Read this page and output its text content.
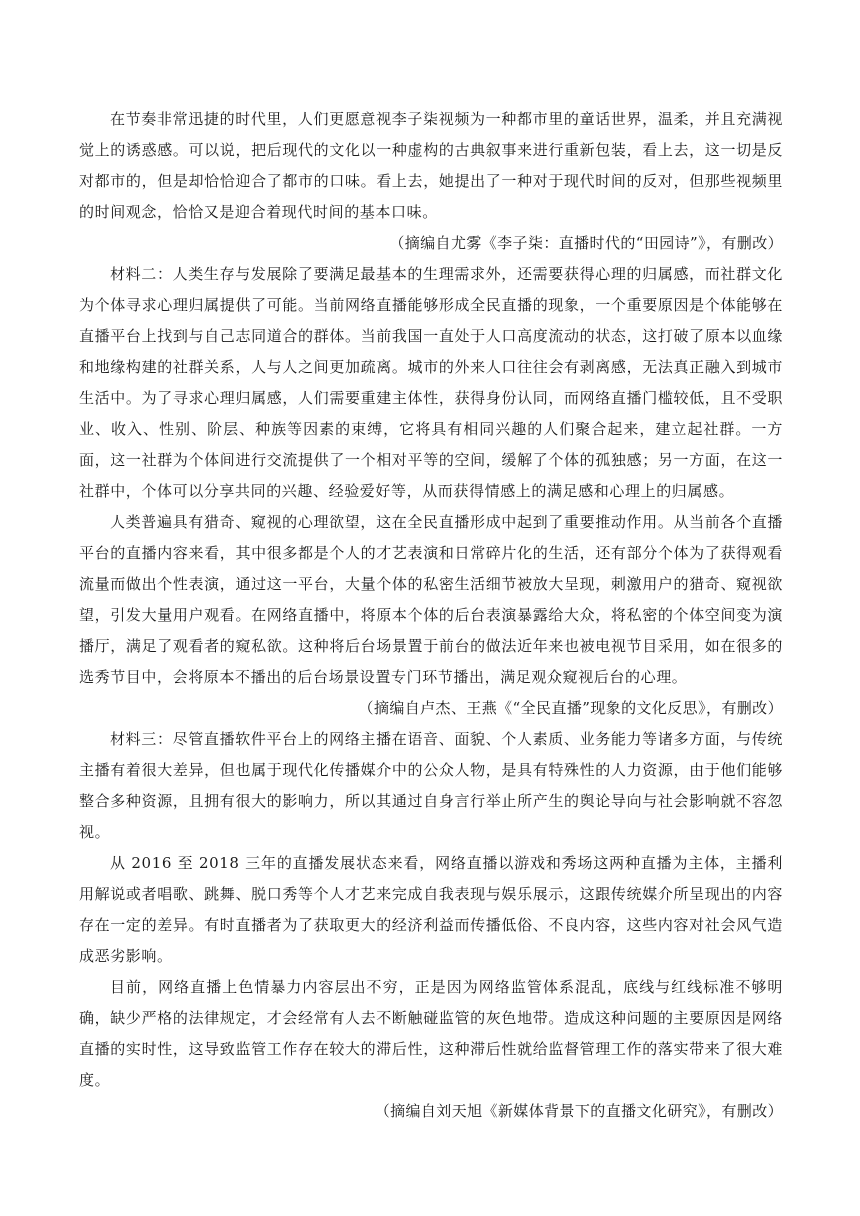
在节奏非常迅捷的时代里，人们更愿意视李子柒视频为一种都市里的童话世界，温柔，并且充满视觉上的诱惑感。可以说，把后现代的文化以一种虚构的古典叙事来进行重新包装，看上去，这一切是反对都市的，但是却恰恰迎合了都市的口味。看上去，她提出了一种对于现代时间的反对，但那些视频里的时间观念，恰恰又是迎合着现代时间的基本口味。

（摘编自尤雾《李子柒：直播时代的“田园诗”》，有删改）

材料二：人类生存与发展除了要满足最基本的生理需求外，还需要获得心理的归属感，而社群文化为个体寻求心理归属提供了可能。当前网络直播能够形成全民直播的现象，一个重要原因是个体能够在直播平台上找到与自己志同道合的群体。当前我国一直处于人口高度流动的状态，这打破了原本以血缘和地缘构建的社群关系，人与人之间更加疏离。城市的外来人口往往会有剥离感，无法真正融入到城市生活中。为了寻求心理归属感，人们需要重建主体性，获得身份认同，而网络直播门槛较低，且不受职业、收入、性别、阶层、种族等因素的束缚，它将具有相同兴趣的人们聚合起来，建立起社群。一方面，这一社群为个体间进行交流提供了一个相对平等的空间，缓解了个体的孤独感；另一方面，在这一社群中，个体可以分享共同的兴趣、经验爱好等，从而获得情感上的满足感和心理上的归属感。

人类普遍具有猎奇、窥视的心理欲望，这在全民直播形成中起到了重要推动作用。从当前各个直播平台的直播内容来看，其中很多都是个人的才艺表演和日常碎片化的生活，还有部分个体为了获得观看流量而做出个性表演，通过这一平台，大量个体的私密生活细节被放大呈现，刺激用户的猎奇、窥视欲望，引发大量用户观看。在网络直播中，将原本个体的后台表演暴露给大众，将私密的个体空间变为演播厅，满足了观看者的窥私欲。这种将后台场景置于前台的做法近年来也被电视节目采用，如在很多的选秀节目中，会将原本不播出的后台场景设置专门环节播出，满足观众窥视后台的心理。

（摘编自卢杰、王燕《“全民直播”现象的文化反思》，有删改）

材料三：尽管直播软件平台上的网络主播在语音、面貌、个人素质、业务能力等诸多方面，与传统主播有着很大差异，但也属于现代化传播媒介中的公众人物，是具有特殊性的人力资源，由于他们能够整合多种资源，且拥有很大的影响力，所以其通过自身言行举止所产生的舆论导向与社会影响就不容忽视。

从 2016 至 2018 三年的直播发展状态来看，网络直播以游戏和秀场这两种直播为主体，主播利用解说或者唱歌、跳舞、脱口秀等个人才艺来完成自我表现与娱乐展示，这跟传统媒介所呈现出的内容存在一定的差异。有时直播者为了获取更大的经济利益而传播低俗、不良内容，这些内容对社会风气造成恶劣影响。

目前，网络直播上色情暴力内容层出不穷，正是因为网络监管体系混乱，底线与红线标准不够明确，缺少严格的法律规定，才会经常有人去不断触碰监管的灰色地带。造成这种问题的主要原因是网络直播的实时性，这导致监管工作存在较大的滞后性，这种滞后性就给监督管理工作的落实带来了很大难度。

（摘编自刘天旭《新媒体背景下的直播文化研究》，有删改）
